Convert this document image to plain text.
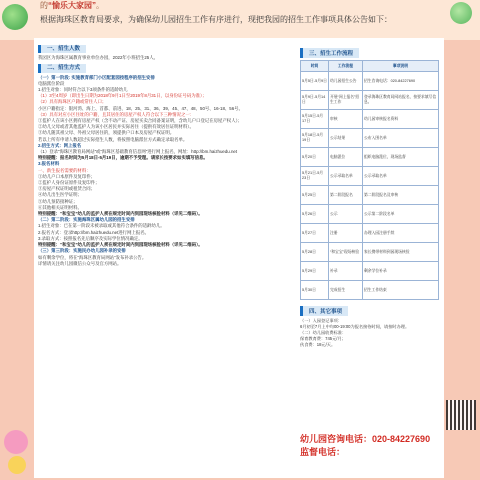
的“愉乐大家园”。
根据海珠区教育局要求，为确保幼儿园招生工作有序进行，现把我园的招生工作事项具体公告如下：
一、招生人数
我园区为海珠区属教育事业单位办园，2022年小班招生25人。
二、招生方式
（一）第一阶段: 实施教育部门小区配套园按程序的招生安排
电脑派位阶段
1.招生对象：同时符合以下3项条件的适龄幼儿
（1）3至4周岁（即出生日期为2018年9月1日至2019年8月31日，以身份证号码为准）；
（2）具有海珠区户籍或常住人口；
小区户籍指定：银河湾、海上、首都、前进、18、25、31、36、39、45、47、48、50号、16-18、56号。
（3）具有对应小区住址的户籍，且其居住的房屋产权人符合以下三种情况之一：
①监护人在该小区拥有房屋产权（含不动产证、房屋买卖合同备案证明，含幼儿户口登记在房屋产权人）；
②幼儿父母或者其他监护人为该小区居民并实际居住（提供有效居住证明材料）。
③幼儿随其祖父母、外祖父母居住的，须提供户口本及房屋产权证明。
若以上所有申请人数超过实际招生人数，将按照电脑派位方式确定录取名单。
2.招生方式：网上报名
（1）登录“海珠区教育局网站”或“海珠区基础教育信息网”进行网上报名，网址：http://bm.haizhuedu.net
特别提醒：报名时间为5月18日-5月19日，逾期不予受理。请家长按要求如实填写信息。
3.报名材料
一、新生报名需要的材料：
①幼儿户口本原件及复印件；
②监护人身份证原件及复印件；
③房屋产权证明或租赁合同；
④幼儿出生医学证明；
⑤幼儿预防接种证；
⑥其他相关证明材料。
特别提醒：“和宝宝”幼儿的监护人须在规定时间内到园现场核验材料（详见二维码）。
（二）第二阶段：实施海珠区属幼儿园的招生安排
1.招生对象：已在第一阶段未被录取或其他符合条件的适龄幼儿。
2.报名方式：登录http://bm.haizhuedu.net进行网上报名。
3.录取方式：按照报名先后顺序及实际学位情况确定。
特别提醒：“和宝宝”幼儿的监护人须在规定时间内到园现场核验材料（详见二维码）。
（三）第三阶段：实施民办幼儿园补录的安排
如有剩余学位，将在“海珠区教育局网站”发布补录公告。
详情请关注幼儿园微信公众号及官方网站。
三、招生工作流程
时间	工作流程	事项说明
5月5日-5月9日	幼儿园招生公告	招生咨询电话：020-84227690
5月9日-5月14日	开展“网上报名”招生工作	登录海珠区教育局网站报名，按要求填写信息。
5月15日-5月17日	审核	幼儿园审核报名资料
5月18日-5月19日	公示结果	公布入围名单
5月20日	电脑派位	组织电脑派位，现场监督
5月21日-5月23日	公示录取名单	公示录取名单
5月25日	第二阶段报名	第二阶段报名及审核
5月26日	公示	公示第二阶段名单
5月27日	注册	办理入园注册手续
5月28日	“和宝宝”现场核验	家长携带材料到园现场核验
5月29日	补录	剩余学位补录
5月30日	完成招生	招生工作结束
四、其它事项
（一）入园登记事项：
6月初至7月上中旬00-19:00为报名接待时间，请按时办理。
（二）幼儿园收费标准：
保育教育费：745元/月；
伙食费：18元/天。
幼儿园咨询电话：020-84227690
监督电话：
